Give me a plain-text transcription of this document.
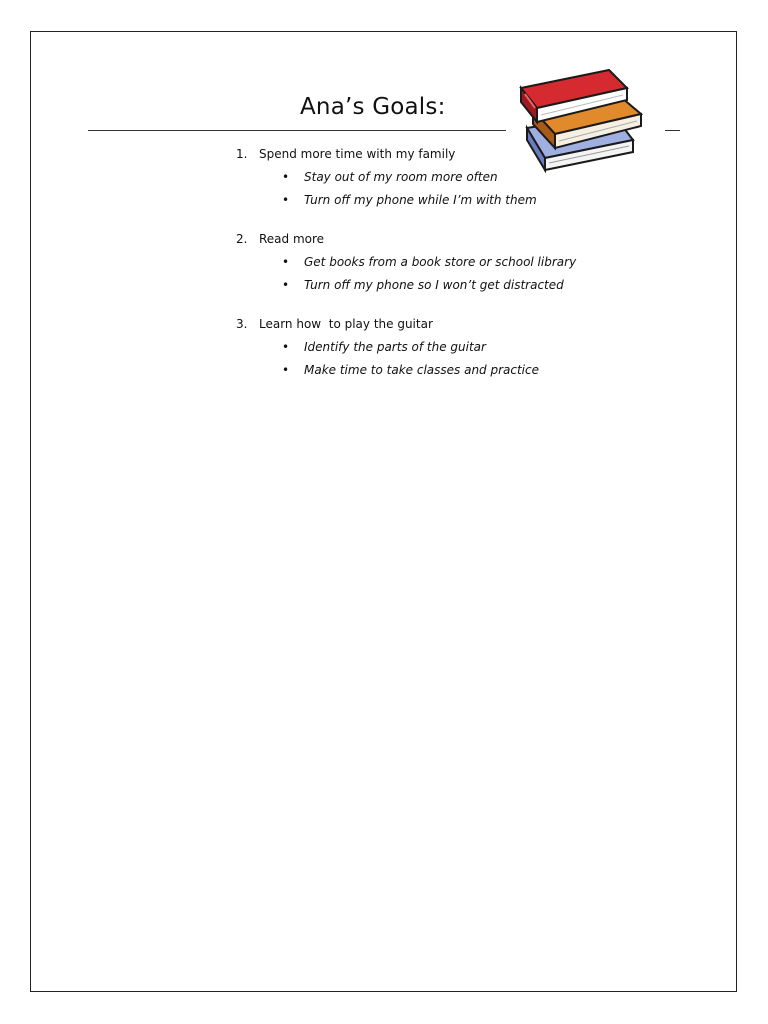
Ana’s Goals:
1. Spend more time with my family
•	Stay out of my room more often
•	Turn off my phone while I’m with them
2. Read more
•	Get books from a book store or school library
•	Turn off my phone so I won’t get distracted
3. Learn how  to play the guitar
•	Identify the parts of the guitar
•	Make time to take classes and practice
